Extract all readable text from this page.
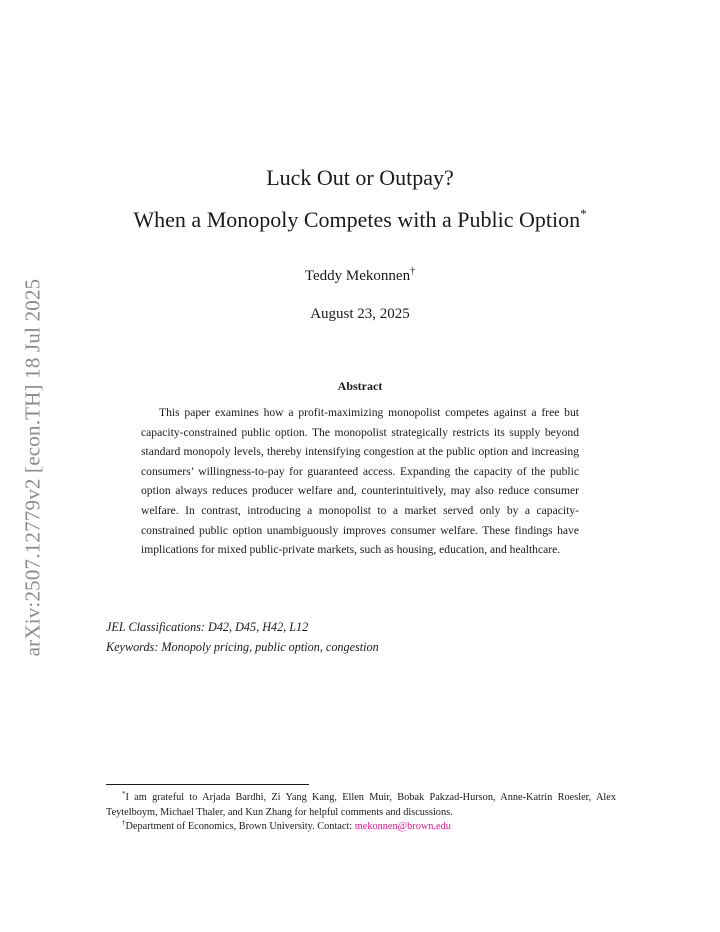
arXiv:2507.12779v2 [econ.TH] 18 Jul 2025
Luck Out or Outpay?
When a Monopoly Competes with a Public Option*
Teddy Mekonnen†
August 23, 2025
Abstract
This paper examines how a profit-maximizing monopolist competes against a free but capacity-constrained public option. The monopolist strategically restricts its supply beyond standard monopoly levels, thereby intensifying congestion at the public option and increasing consumers’ willingness-to-pay for guaranteed access. Expanding the capacity of the public option always reduces producer welfare and, counterintuitively, may also reduce consumer welfare. In contrast, introducing a monopolist to a market served only by a capacity-constrained public option unambiguously improves consumer welfare. These findings have implications for mixed public-private markets, such as housing, education, and healthcare.
JEL Classifications: D42, D45, H42, L12
Keywords: Monopoly pricing, public option, congestion
*I am grateful to Arjada Bardhi, Zi Yang Kang, Ellen Muir, Bobak Pakzad-Hurson, Anne-Katrin Roesler, Alex Teytelboym, Michael Thaler, and Kun Zhang for helpful comments and discussions.
†Department of Economics, Brown University. Contact: mekonnen@brown.edu
